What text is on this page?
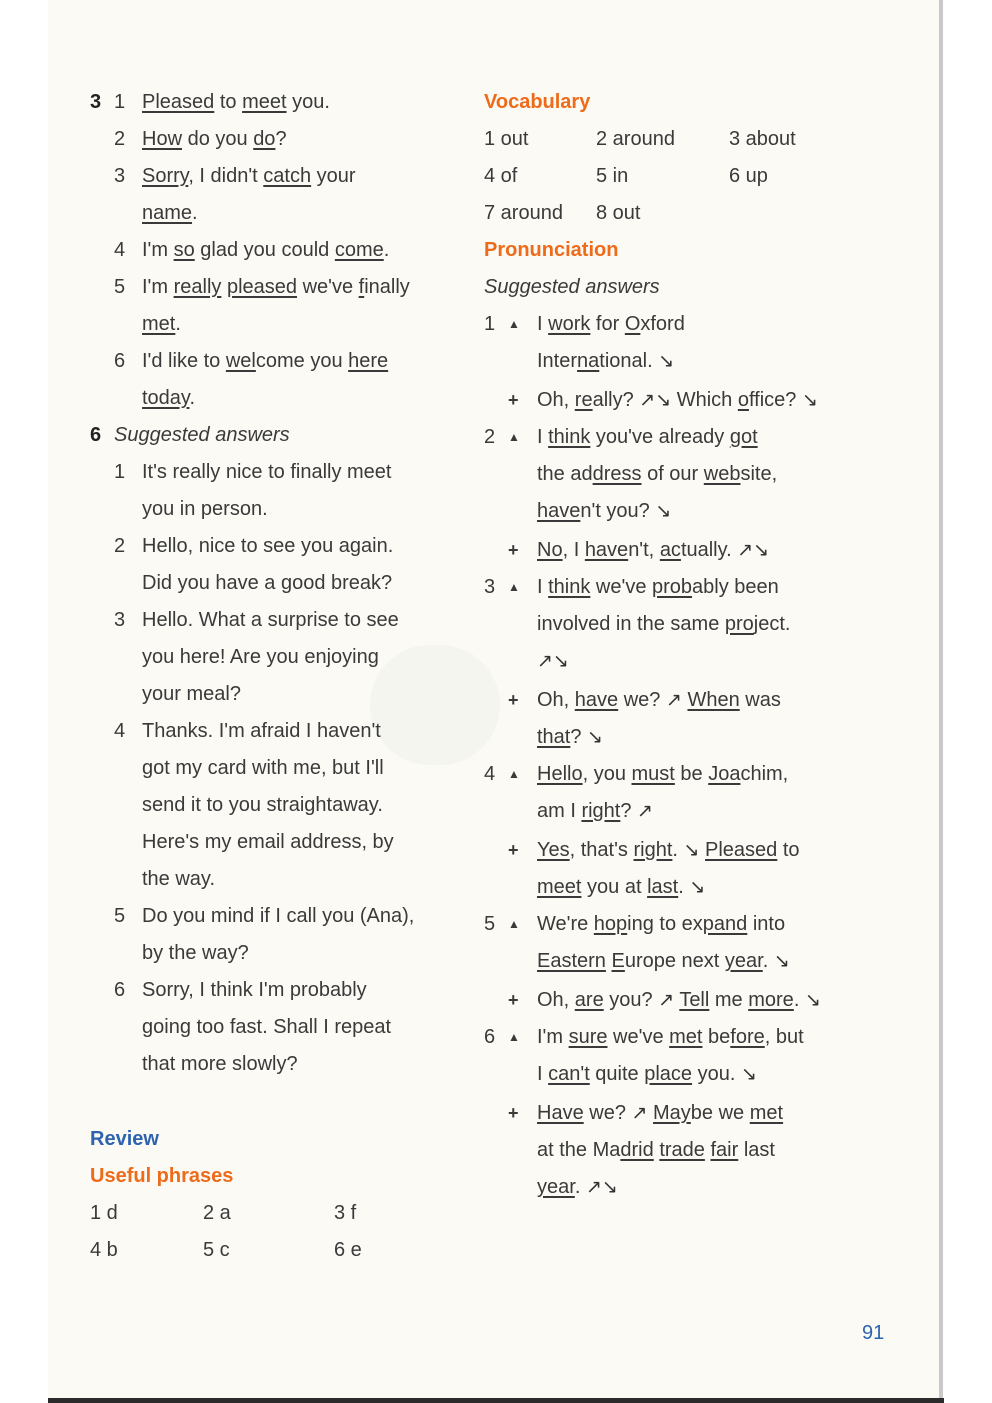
3 1 Pleased to meet you.
2 How do you do?
3 Sorry, I didn't catch your
name.
4 I'm so glad you could come.
5 I'm really pleased we've finally
met.
6 I'd like to welcome you here
today.
6 Suggested answers
1 It's really nice to finally meet
you in person.
2 Hello, nice to see you again.
Did you have a good break?
3 Hello. What a surprise to see
you here! Are you enjoying
your meal?
4 Thanks. I'm afraid I haven't
got my card with me, but I'll
send it to you straightaway.
Here's my email address, by
the way.
5 Do you mind if I call you (Ana),
by the way?
6 Sorry, I think I'm probably
going too fast. Shall I repeat
that more slowly?
Review
Useful phrases
1 d	2 a	3 f
4 b	5 c	6 e
Vocabulary
1 out	2 around	3 about
4 of	5 in	6 up
7 around	8 out
Pronunciation
Suggested answers
1 ▲ I work for Oxford
International. ↘
+ Oh, really? ↗↘ Which office? ↘
2 ▲ I think you've already got
the address of our website,
haven't you? ↘
+ No, I haven't, actually. ↗↘
3 ▲ I think we've probably been
involved in the same project.
↗↘
+ Oh, have we? ↗ When was
that? ↘
4 ▲ Hello, you must be Joachim,
am I right? ↗
+ Yes, that's right. ↘ Pleased to
meet you at last. ↘
5 ▲ We're hoping to expand into
Eastern Europe next year. ↘
+ Oh, are you? ↗ Tell me more. ↘
6 ▲ I'm sure we've met before, but
I can't quite place you. ↘
+ Have we? ↗ Maybe we met
at the Madrid trade fair last
year. ↗↘
91
